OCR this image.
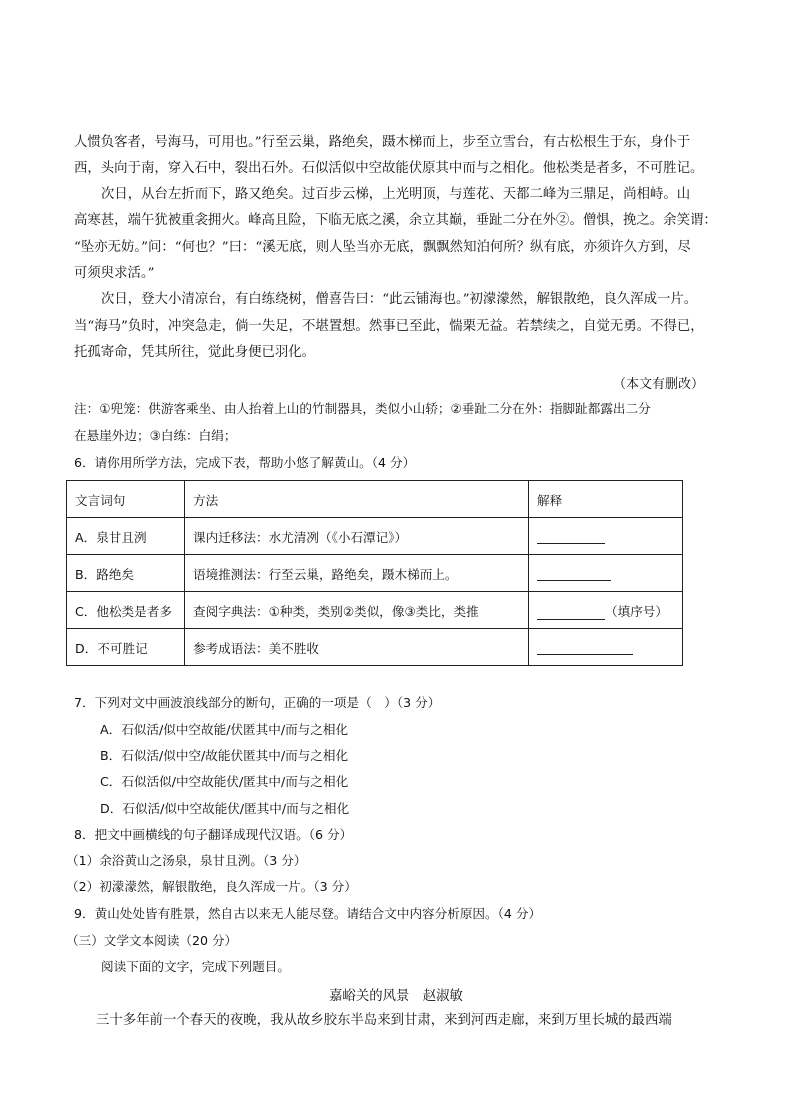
人惯负客者，号海马，可用也。”行至云巢，路绝矣，蹑木梯而上，步至立雪台，有古松根生于东，身仆于
西，头向于南，穿入石中，裂出石外。石似活似中空故能伏原其中而与之相化。他松类是者多，不可胜记。
次日，从台左折而下，路又绝矣。过百步云梯，上光明顶，与莲花、天都二峰为三鼎足，尚相峙。山
高寒甚，端午犹被重衾拥火。峰高且险，下临无底之溪，余立其巅，垂趾二分在外②。僧惧，挽之。余笑谓：
“坠亦无妨。”问：“何也？”曰：“溪无底，则人坠当亦无底，飘飘然知泊何所？纵有底，亦须许久方到，尽
可须臾求活。”
次日，登大小清凉台，有白练绕树，僧喜告曰：“此云铺海也。”初濛濛然，解银散绝，良久浑成一片。
当“海马”负时，冲突急走，倘一失足，不堪置想。然事已至此，惴栗无益。若禁续之，自觉无勇。不得已，
托孤寄命，凭其所往，觉此身便已羽化。
（本文有删改）
注：①兜笼：供游客乘坐、由人抬着上山的竹制器具，类似小山轿；②垂趾二分在外：指脚趾都露出二分
在悬崖外边；③白练：白绢；
6．请你用所学方法，完成下表，帮助小悠了解黄山。（4 分）
文言词句	方法	解释
A．泉甘且洌	课内迁移法：水尤清冽（《小石潭记》）	
B．路绝矣	语境推测法：行至云巢，路绝矣，蹑木梯而上。	
C．他松类是者多	查阅字典法：①种类，类别②类似，像③类比，类推	（填序号）
D．不可胜记	参考成语法：美不胜收	
7．下列对文中画波浪线部分的断句，正确的一项是（　）（3 分）
A．石似活/似中空故能/伏匿其中/而与之相化
B．石似活/似中空/故能伏匿其中/而与之相化
C．石似活似/中空故能伏/匿其中/而与之相化
D．石似活/似中空故能伏/匿其中/而与之相化
8．把文中画横线的句子翻译成现代汉语。（6 分）
（1）余浴黄山之汤泉，泉甘且洌。（3 分）
（2）初濛濛然，解银散绝，良久浑成一片。（3 分）
9．黄山处处皆有胜景，然自古以来无人能尽登。请结合文中内容分析原因。（4 分）
（三）文学文本阅读（20 分）
阅读下面的文字，完成下列题目。
嘉峪关的风景　赵淑敏
三十多年前一个春天的夜晚，我从故乡胶东半岛来到甘肃，来到河西走廊，来到万里长城的最西端
